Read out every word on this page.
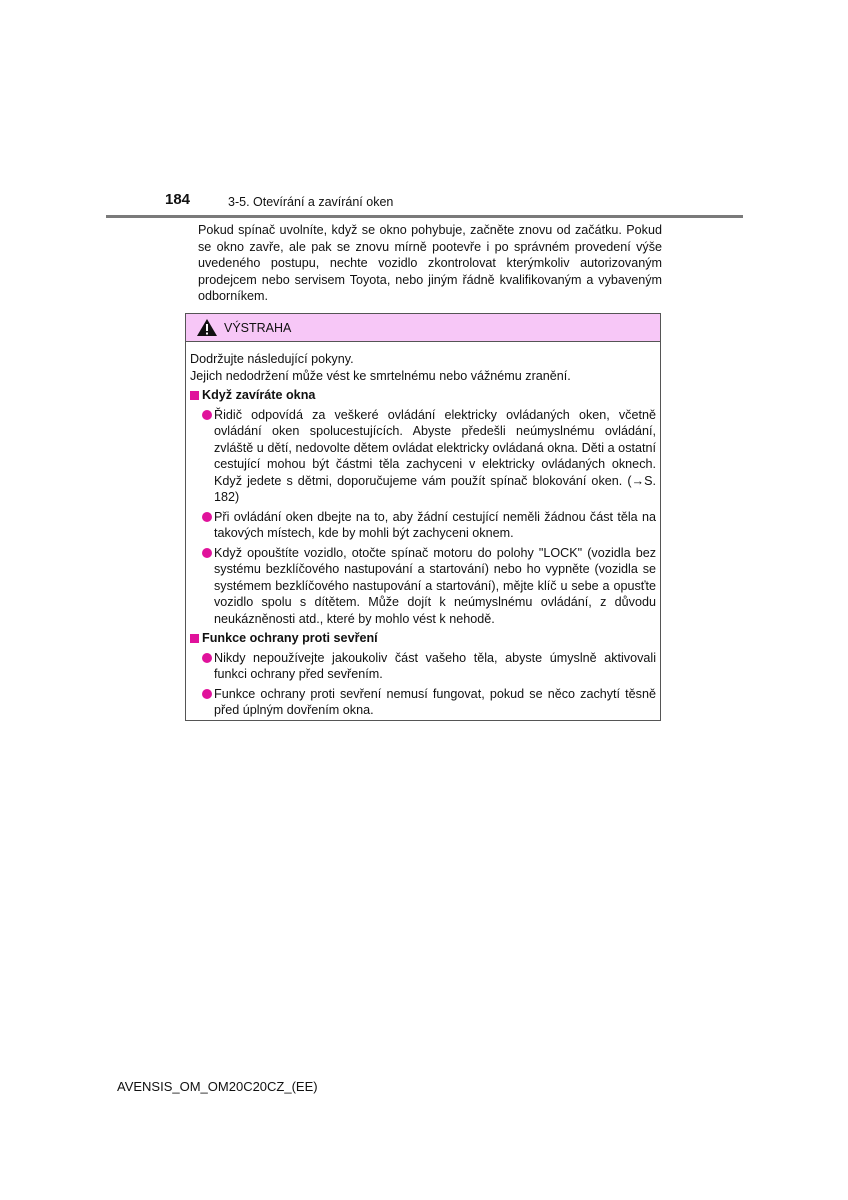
184	3-5. Otevírání a zavírání oken

Pokud spínač uvolníte, když se okno pohybuje, začněte znovu od začátku. Pokud se okno zavře, ale pak se znovu mírně pootevře i po správném provedení výše uvedeného postupu, nechte vozidlo zkontrolovat kterýmkoliv autorizovaným prodejcem nebo servisem Toyota, nebo jiným řádně kvalifikovaným a vybaveným odborníkem.

VÝSTRAHA

Dodržujte následující pokyny.

Jejich nedodržení může vést ke smrtelnému nebo vážnému zranění.

Když zavíráte okna

Řidič odpovídá za veškeré ovládání elektricky ovládaných oken, včetně ovládání oken spolucestujících. Abyste předešli neúmyslnému ovládání, zvláště u dětí, nedovolte dětem ovládat elektricky ovládaná okna. Děti a ostatní cestující mohou být částmi těla zachyceni v elektricky ovládaných oknech. Když jedete s dětmi, doporučujeme vám použít spínač blokování oken. (→S. 182)

Při ovládání oken dbejte na to, aby žádní cestující neměli žádnou část těla na takových místech, kde by mohli být zachyceni oknem.

Když opouštíte vozidlo, otočte spínač motoru do polohy "LOCK" (vozidla bez systému bezklíčového nastupování a startování) nebo ho vypněte (vozidla se systémem bezklíčového nastupování a startování), mějte klíč u sebe a opusťte vozidlo spolu s dítětem. Může dojít k neúmyslnému ovládání, z důvodu neukázněnosti atd., které by mohlo vést k nehodě.

Funkce ochrany proti sevření

Nikdy nepoužívejte jakoukoliv část vašeho těla, abyste úmyslně aktivovali funkci ochrany před sevřením.

Funkce ochrany proti sevření nemusí fungovat, pokud se něco zachytí těsně před úplným dovřením okna.

AVENSIS_OM_OM20C20CZ_(EE)
